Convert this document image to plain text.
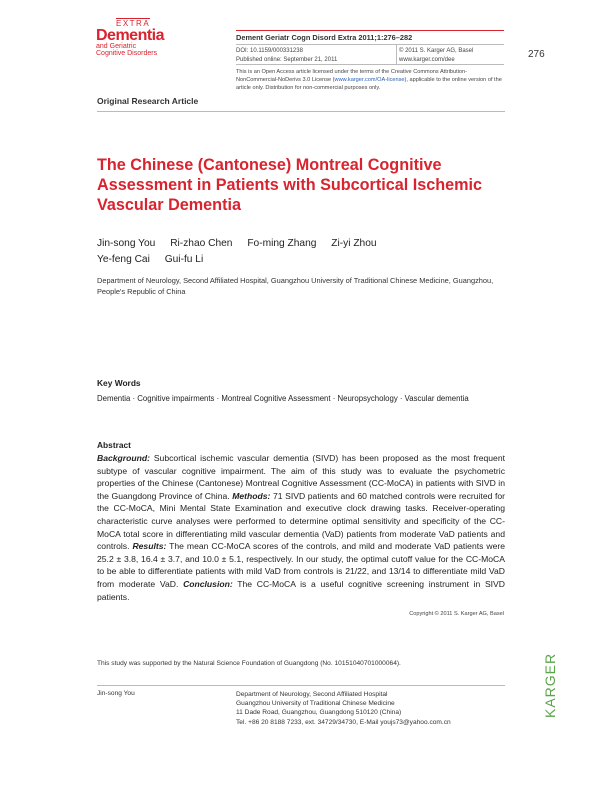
EXTRA
Dementia
and Geriatric
Cognitive Disorders
Dement Geriatr Cogn Disord Extra 2011;1:276–282
DOI: 10.1159/000331238
Published online: September 21, 2011
© 2011 S. Karger AG, Basel
www.karger.com/dee
This is an Open Access article licensed under the terms of the Creative Commons Attribution-NonCommercial-NoDerivs 3.0 License (www.karger.com/OA-license), applicable to the online version of the article only. Distribution for non-commercial purposes only.
276
Original Research Article
The Chinese (Cantonese) Montreal Cognitive Assessment in Patients with Subcortical Ischemic Vascular Dementia
Jin-song You Ri-zhao Chen Fo-ming Zhang Zi-yi Zhou
Ye-feng Cai Gui-fu Li
Department of Neurology, Second Affiliated Hospital, Guangzhou University of Traditional Chinese Medicine, Guangzhou, People's Republic of China
Key Words
Dementia · Cognitive impairments · Montreal Cognitive Assessment · Neuropsychology · Vascular dementia
Abstract
Background: Subcortical ischemic vascular dementia (SIVD) has been proposed as the most frequent subtype of vascular cognitive impairment. The aim of this study was to evaluate the psychometric properties of the Chinese (Cantonese) Montreal Cognitive Assessment (CC-MoCA) in patients with SIVD in the Guangdong Province of China. Methods: 71 SIVD patients and 60 matched controls were recruited for the CC-MoCA, Mini Mental State Examination and executive clock drawing tasks. Receiver-operating characteristic curve analyses were performed to determine optimal sensitivity and specificity of the CC-MoCA total score in differentiating mild vascular dementia (VaD) patients from moderate VaD patients and controls. Results: The mean CC-MoCA scores of the controls, and mild and moderate VaD patients were 25.2 ± 3.8, 16.4 ± 3.7, and 10.0 ± 5.1, respectively. In our study, the optimal cutoff value for the CC-MoCA to be able to differentiate patients with mild VaD from controls is 21/22, and 13/14 to differentiate mild VaD from moderate VaD. Conclusion: The CC-MoCA is a useful cognitive screening instrument in SIVD patients.
Copyright © 2011 S. Karger AG, Basel
This study was supported by the Natural Science Foundation of Guangdong (No. 10151040701000064).
Jin-song You	Department of Neurology, Second Affiliated Hospital
Guangzhou University of Traditional Chinese Medicine
11 Dade Road, Guangzhou, Guangdong 510120 (China)
Tel. +86 20 8188 7233, ext. 34729/34730, E-Mail youjs73@yahoo.com.cn
KARGER
